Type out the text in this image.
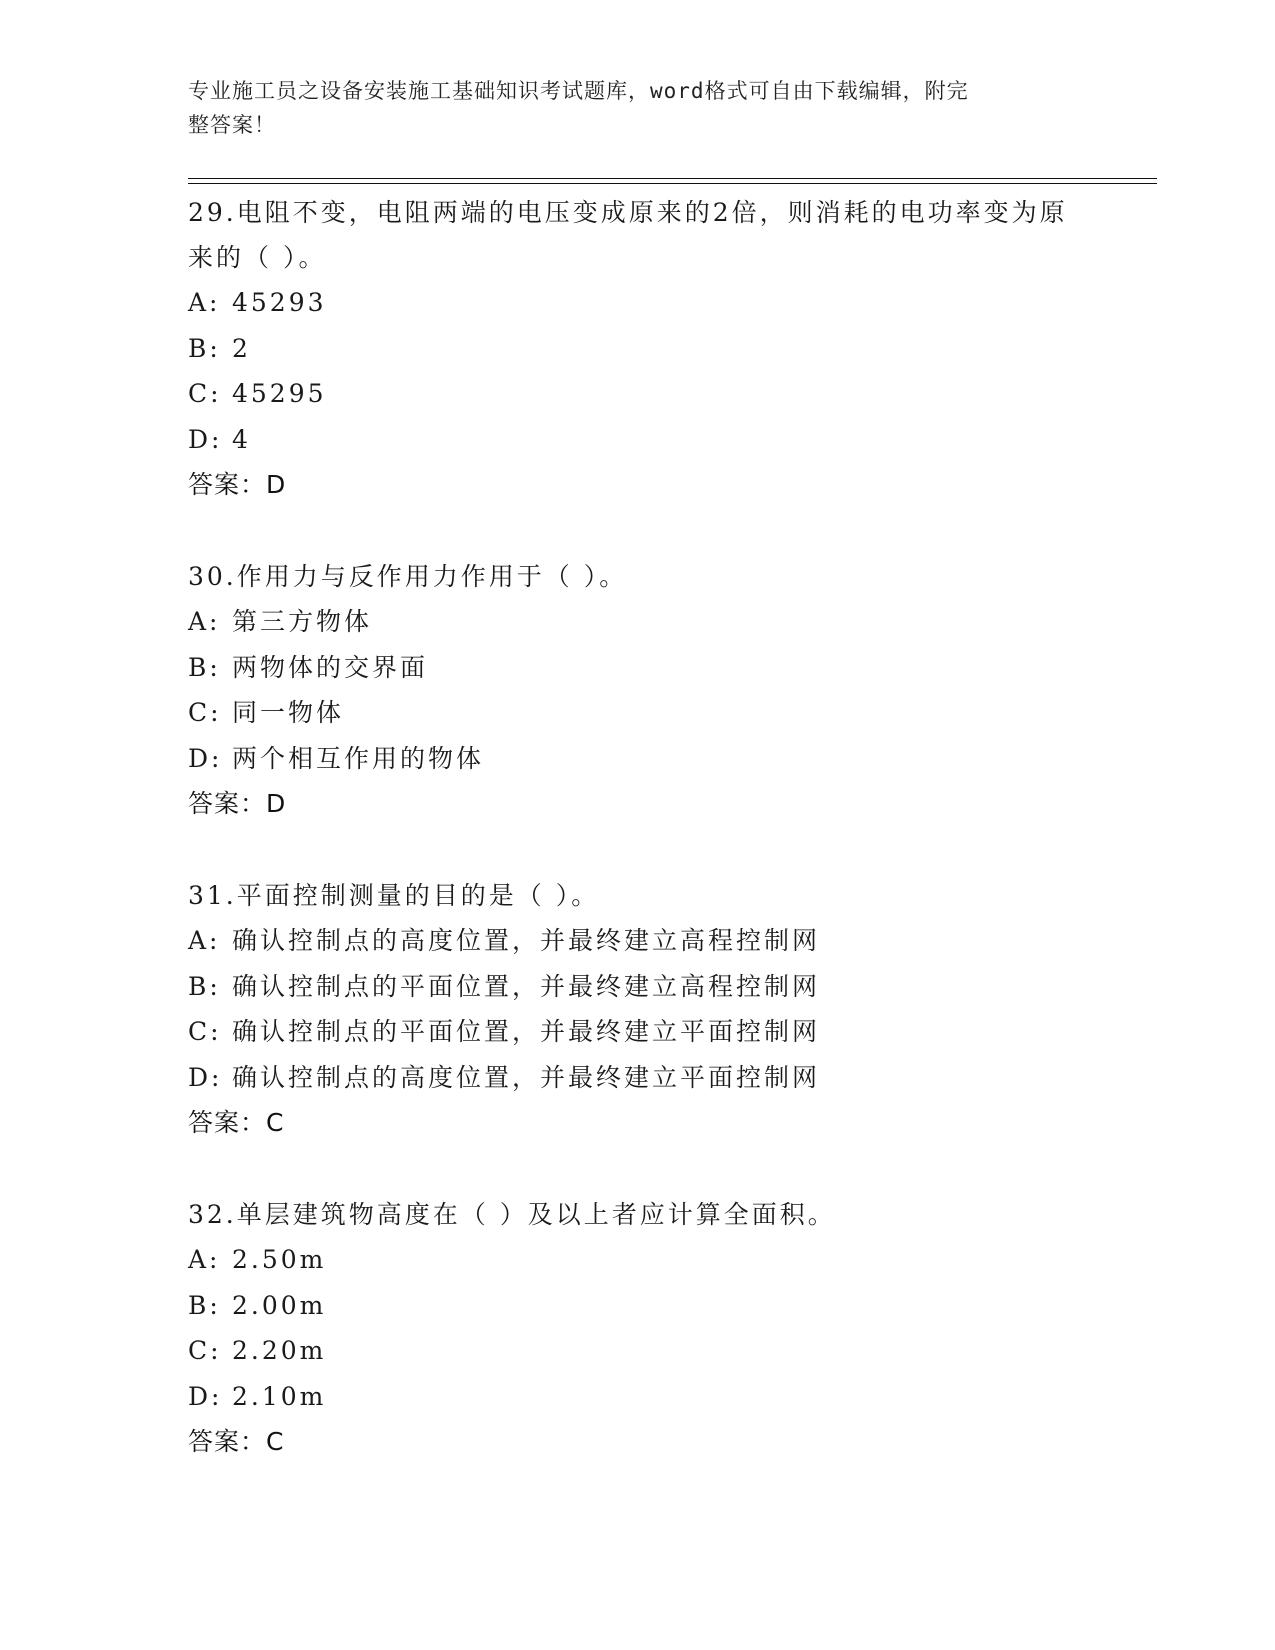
专业施工员之设备安装施工基础知识考试题库，word格式可自由下载编辑，附完
整答案！

29.电阻不变，电阻两端的电压变成原来的2倍，则消耗的电功率变为原来的（ ）。

A: 45293

B: 2

C: 45295

D: 4

答案：D

30.作用力与反作用力作用于（ ）。

A: 第三方物体

B: 两物体的交界面

C: 同一物体

D: 两个相互作用的物体

答案：D

31.平面控制测量的目的是（ ）。

A: 确认控制点的高度位置，并最终建立高程控制网

B: 确认控制点的平面位置，并最终建立高程控制网

C: 确认控制点的平面位置，并最终建立平面控制网

D: 确认控制点的高度位置，并最终建立平面控制网

答案：C

32.单层建筑物高度在（ ）及以上者应计算全面积。

A: 2.50m

B: 2.00m

C: 2.20m

D: 2.10m

答案：C
